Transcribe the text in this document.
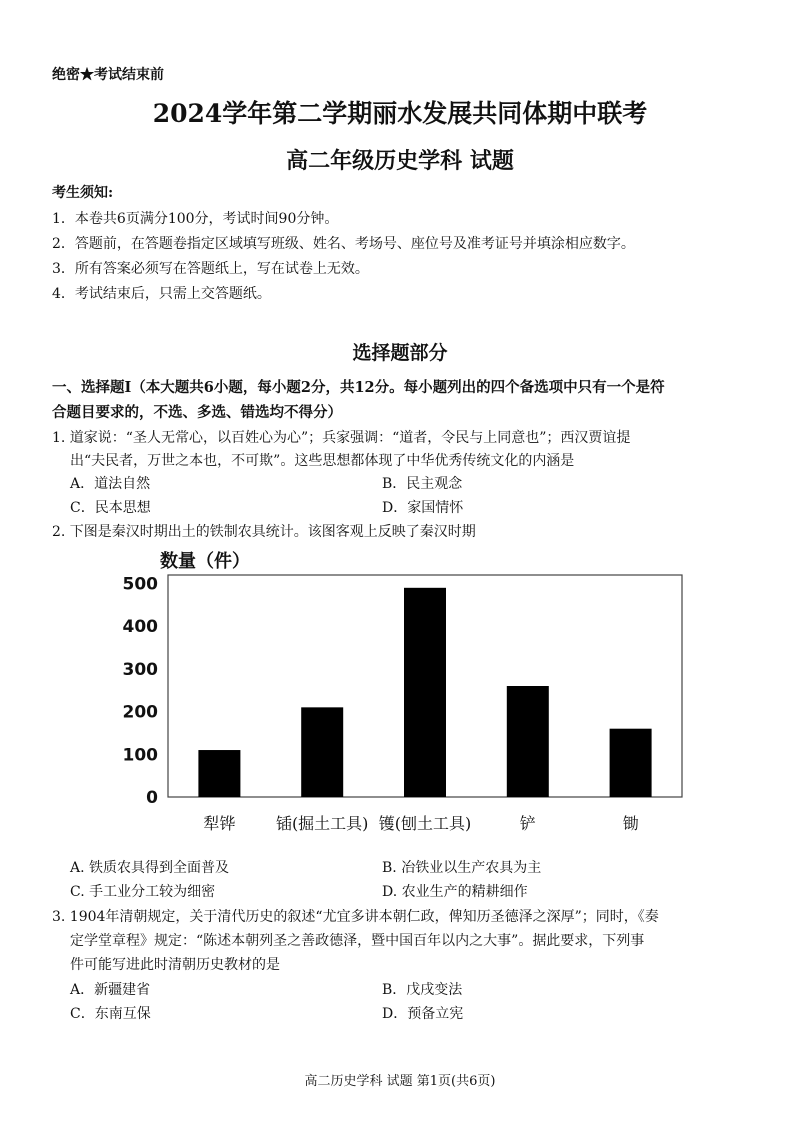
绝密★考试结束前
2024学年第二学期丽水发展共同体期中联考
高二年级历史学科 试题
考生须知:
1．本卷共6页满分100分，考试时间90分钟。
2．答题前，在答题卷指定区域填写班级、姓名、考场号、座位号及准考证号并填涂相应数字。
3．所有答案必须写在答题纸上，写在试卷上无效。
4．考试结束后，只需上交答题纸。
选择题部分
一、选择题Ⅰ（本大题共6小题，每小题2分，共12分。每小题列出的四个备选项中只有一个是符
合题目要求的，不选、多选、错选均不得分）
1. 道家说：“圣人无常心，以百姓心为心”；兵家强调：“道者，令民与上同意也”；西汉贾谊提
出“夫民者，万世之本也，不可欺”。这些思想都体现了中华优秀传统文化的内涵是
A．道法自然	B．民主观念
C．民本思想	D．家国情怀
2. 下图是秦汉时期出土的铁制农具统计。该图客观上反映了秦汉时期
数量（件）
0
100
200
300
400
500
犁铧	锸(掘土工具) 镬(刨土工具)	铲	锄
A. 铁质农具得到全面普及	B. 冶铁业以生产农具为主
C. 手工业分工较为细密	D. 农业生产的精耕细作
3. 1904年清朝规定，关于清代历史的叙述“尤宜多讲本朝仁政，俾知历圣德泽之深厚”；同时，《奏
定学堂章程》规定：“陈述本朝列圣之善政德泽，暨中国百年以内之大事”。据此要求，下列事
件可能写进此时清朝历史教材的是
A．新疆建省	B．戊戌变法
C．东南互保	D．预备立宪
高二历史学科 试题 第1页(共6页)
